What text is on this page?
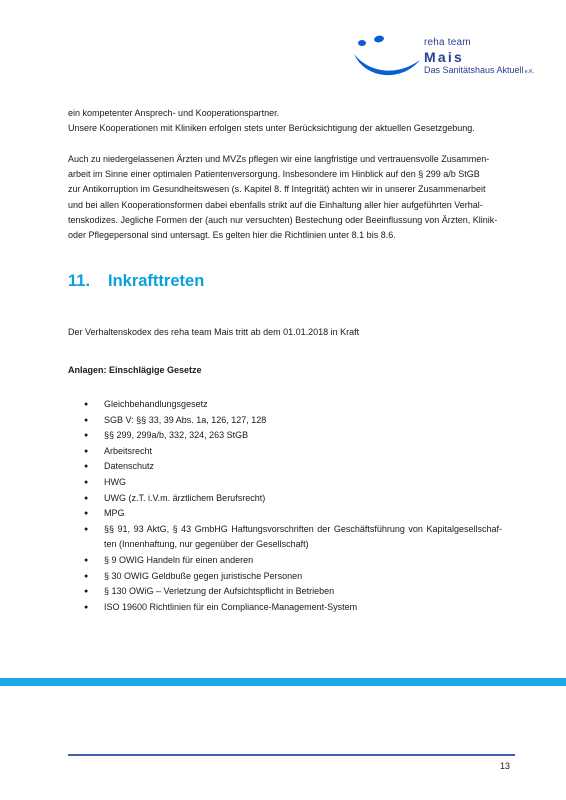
reha team
Mais
Das Sanitätshaus Aktuelle.K.

ein kompetenter Ansprech- und Kooperationspartner.

Unsere Kooperationen mit Kliniken erfolgen stets unter Berücksichtigung der aktuellen Gesetzgebung.

Auch zu niedergelassenen Ärzten und MVZs pflegen wir eine langfristige und vertrauensvolle Zusammen-

arbeit im Sinne einer optimalen Patientenversorgung. Insbesondere im Hinblick auf den § 299 a/b StGB

zur Antikorruption im Gesundheitswesen (s. Kapitel 8. ff Integrität) achten wir in unserer Zusammenarbeit

und bei allen Kooperationsformen dabei ebenfalls strikt auf die Einhaltung aller hier aufgeführten Verhal-

tenskodizes. Jegliche Formen der (auch nur versuchten) Bestechung oder Beeinflussung von Ärzten, Klinik-

oder Pflegepersonal sind untersagt. Es gelten hier die Richtlinien unter 8.1 bis 8.6.

11. Inkrafttreten
Der Verhaltenskodex des reha team Mais tritt ab dem 01.01.2018 in Kraft
Anlagen: Einschlägige Gesetze
● Gleichbehandlungsgesetz
● SGB V: §§ 33, 39 Abs. 1a, 126, 127, 128
● §§ 299, 299a/b, 332, 324, 263 StGB
● Arbeitsrecht
● Datenschutz
● HWG
● UWG (z.T. i.V.m. ärztlichem Berufsrecht)
● MPG
● §§ 91, 93 AktG, § 43 GmbHG Haftungsvorschriften der Geschäftsführung von Kapitalgesellschaf- ten (Innenhaftung, nur gegenüber der Gesellschaft)
● § 9 OWIG Handeln für einen anderen
● § 30 OWIG Geldbuße gegen juristische Personen
● § 130 OWiG – Verletzung der Aufsichtspflicht in Betrieben
● ISO 19600 Richtlinien für ein Compliance-Management-System
13
